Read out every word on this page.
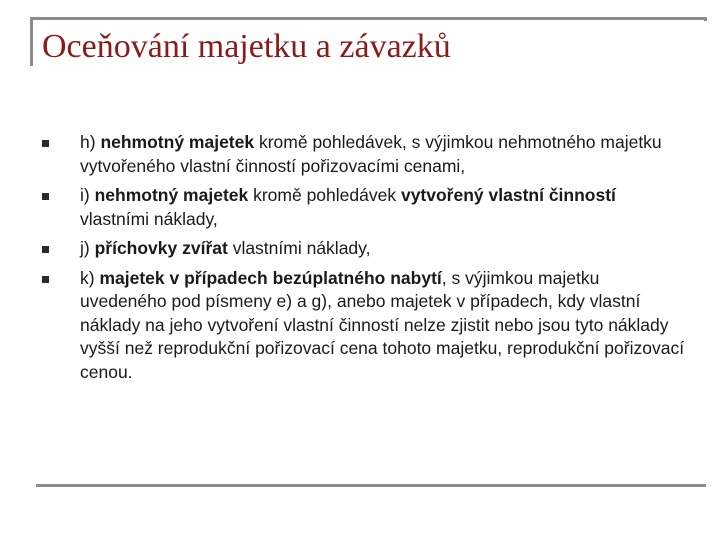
Oceňování majetku a závazků
h) nehmotný majetek kromě pohledávek, s výjimkou nehmotného majetku vytvořeného vlastní činností pořizovacími cenami,
i) nehmotný majetek kromě pohledávek vytvořený vlastní činností vlastními náklady,
j) příchovky zvířat vlastními náklady,
k) majetek v případech bezúplatného nabytí, s výjimkou majetku uvedeného pod písmeny e) a g), anebo majetek v případech, kdy vlastní náklady na jeho vytvoření vlastní činností nelze zjistit nebo jsou tyto náklady vyšší než reprodukční pořizovací cena tohoto majetku, reprodukční pořizovací cenou.
